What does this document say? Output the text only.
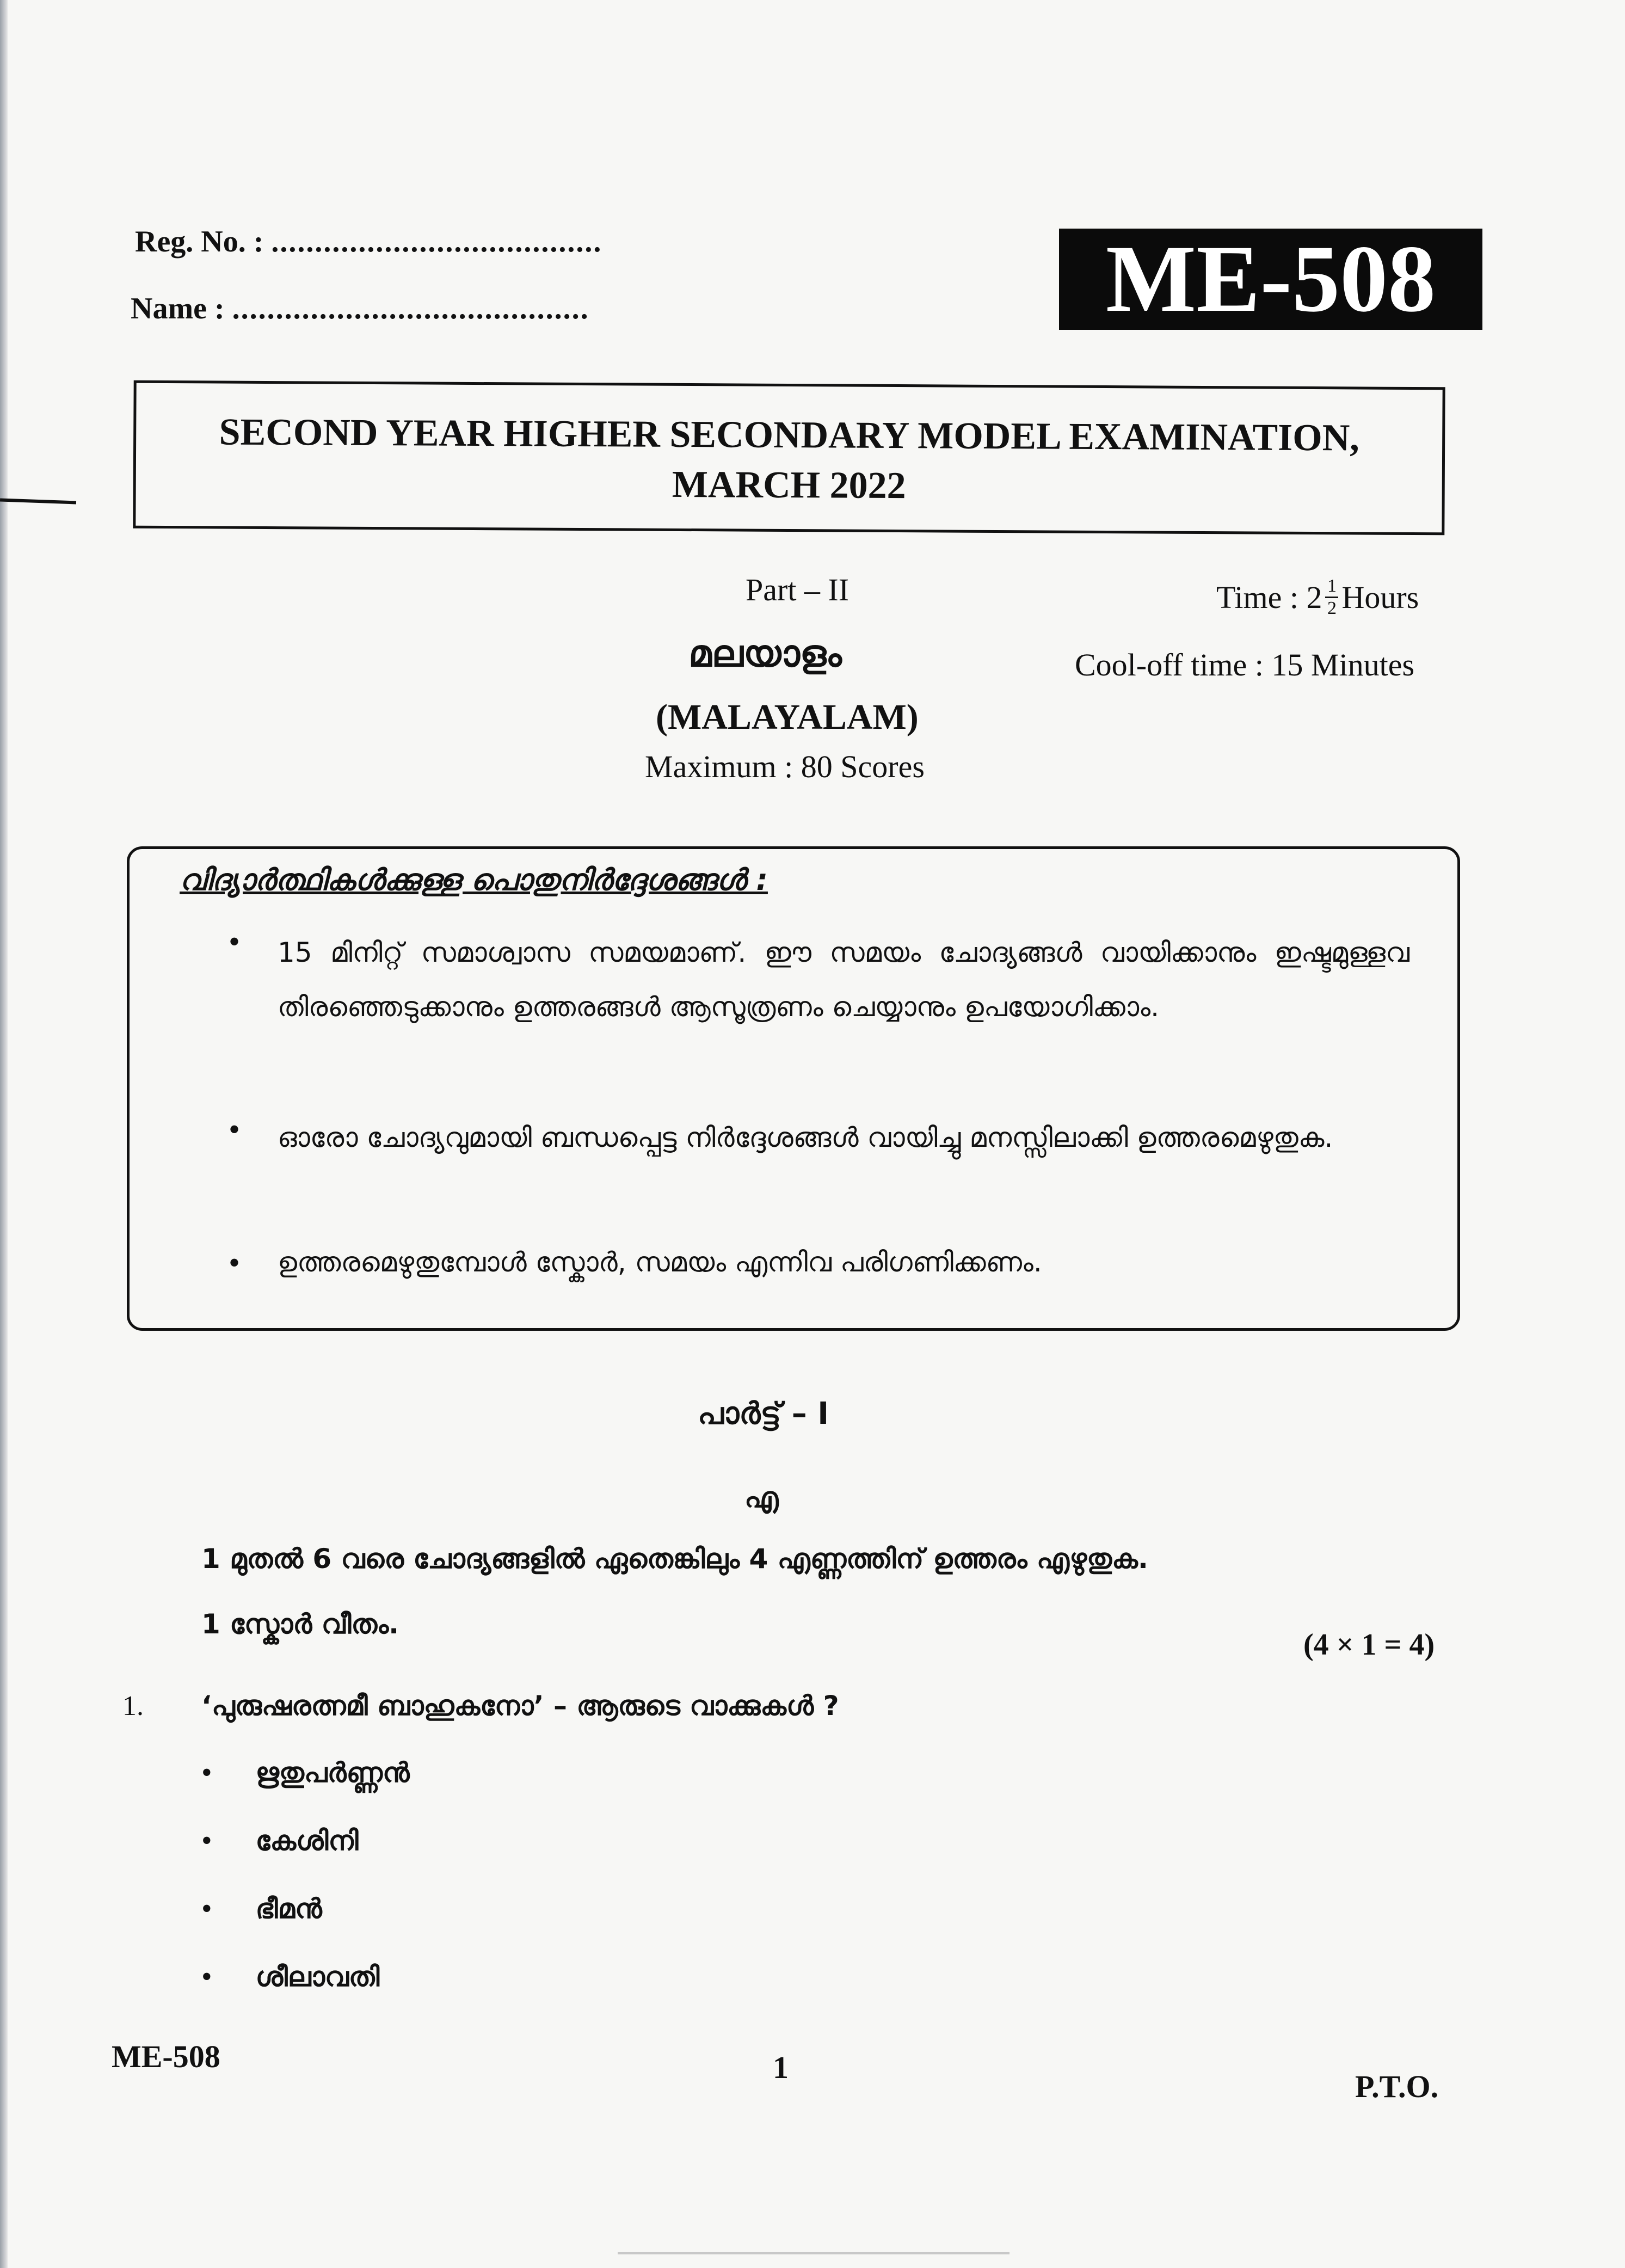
Reg. No. : ......................................
Name : .........................................	ME-508
SECOND YEAR HIGHER SECONDARY MODEL EXAMINATION,
MARCH 2022
Part – II
മലയാളം
(MALAYALAM)
Maximum : 80 Scores
Time : $2 \frac{1}{2}$ Hours
Cool-off time : 15 Minutes
വിദ്യാർത്ഥികൾക്കുള്ള പൊതുനിർദ്ദേശങ്ങൾ :
• 15 മിനിറ്റ് സമാശ്വാസ സമയമാണ്. ഈ സമയം ചോദ്യങ്ങൾ വായിക്കാനും ഇഷ്ടമുള്ളവ തിരഞ്ഞെടുക്കാനും ഉത്തരങ്ങൾ ആസൂത്രണം ചെയ്യാനും ഉപയോഗിക്കാം.
• ഓരോ ചോദ്യവുമായി ബന്ധപ്പെട്ട നിർദ്ദേശങ്ങൾ വായിച്ചു മനസ്സിലാക്കി ഉത്തരമെഴുതുക.
• ഉത്തരമെഴുതുമ്പോൾ സ്കോർ, സമയം എന്നിവ പരിഗണിക്കണം.
പാർട്ട് – I
എ
1 മുതൽ 6 വരെ ചോദ്യങ്ങളിൽ ഏതെങ്കിലും 4 എണ്ണത്തിന് ഉത്തരം എഴുതുക.
1 സ്കോർ വീതം.
(4 × 1 = 4)
1. ‘പുരുഷരത്നമീ ബാഹുകനോ’ – ആരുടെ വാക്കുകൾ ?
• ഋതുപർണ്ണൻ
• കേശിനി
• ഭീമൻ
• ശീലാവതി
ME-508	1
P.T.O.
